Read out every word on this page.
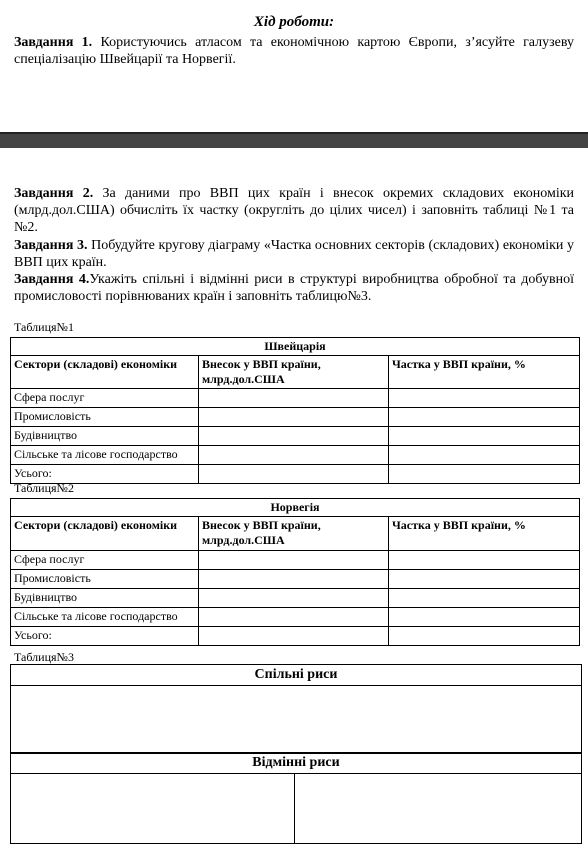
Хід роботи:
Завдання 1. Користуючись атласом та економічною картою Європи, з’ясуйте галузеву спеціалізацію Швейцарії та Норвегії.
Завдання 2. За даними про ВВП цих країн і внесок окремих складових економіки (млрд.дол.США) обчисліть їх частку (округліть до цілих чисел) і заповніть таблиці №1 та №2.
Завдання 3. Побудуйте кругову діаграму «Частка основних секторів (складових) економіки у ВВП цих країн.
Завдання 4.Укажіть спільні і відмінні риси в структурі виробництва обробної та добувної промисловості порівнюваних країн і заповніть таблицю№3.
Таблиця№1
Швейцарія		
Сектори (складові) економіки	Внесок у ВВП країни, млрд.дол.США	Частка у ВВП країни, %
Сфера послуг		
Промисловість		
Будівництво		
Сільське та лісове господарство		
Усього:		
Таблиця№2
Норвегія		
Сектори (складові) економіки	Внесок у ВВП країни, млрд.дол.США	Частка у ВВП країни, %
Сфера послуг		
Промисловість		
Будівництво		
Сільське та лісове господарство		
Усього:		
Таблиця№3
Спільні риси
Відмінні риси
